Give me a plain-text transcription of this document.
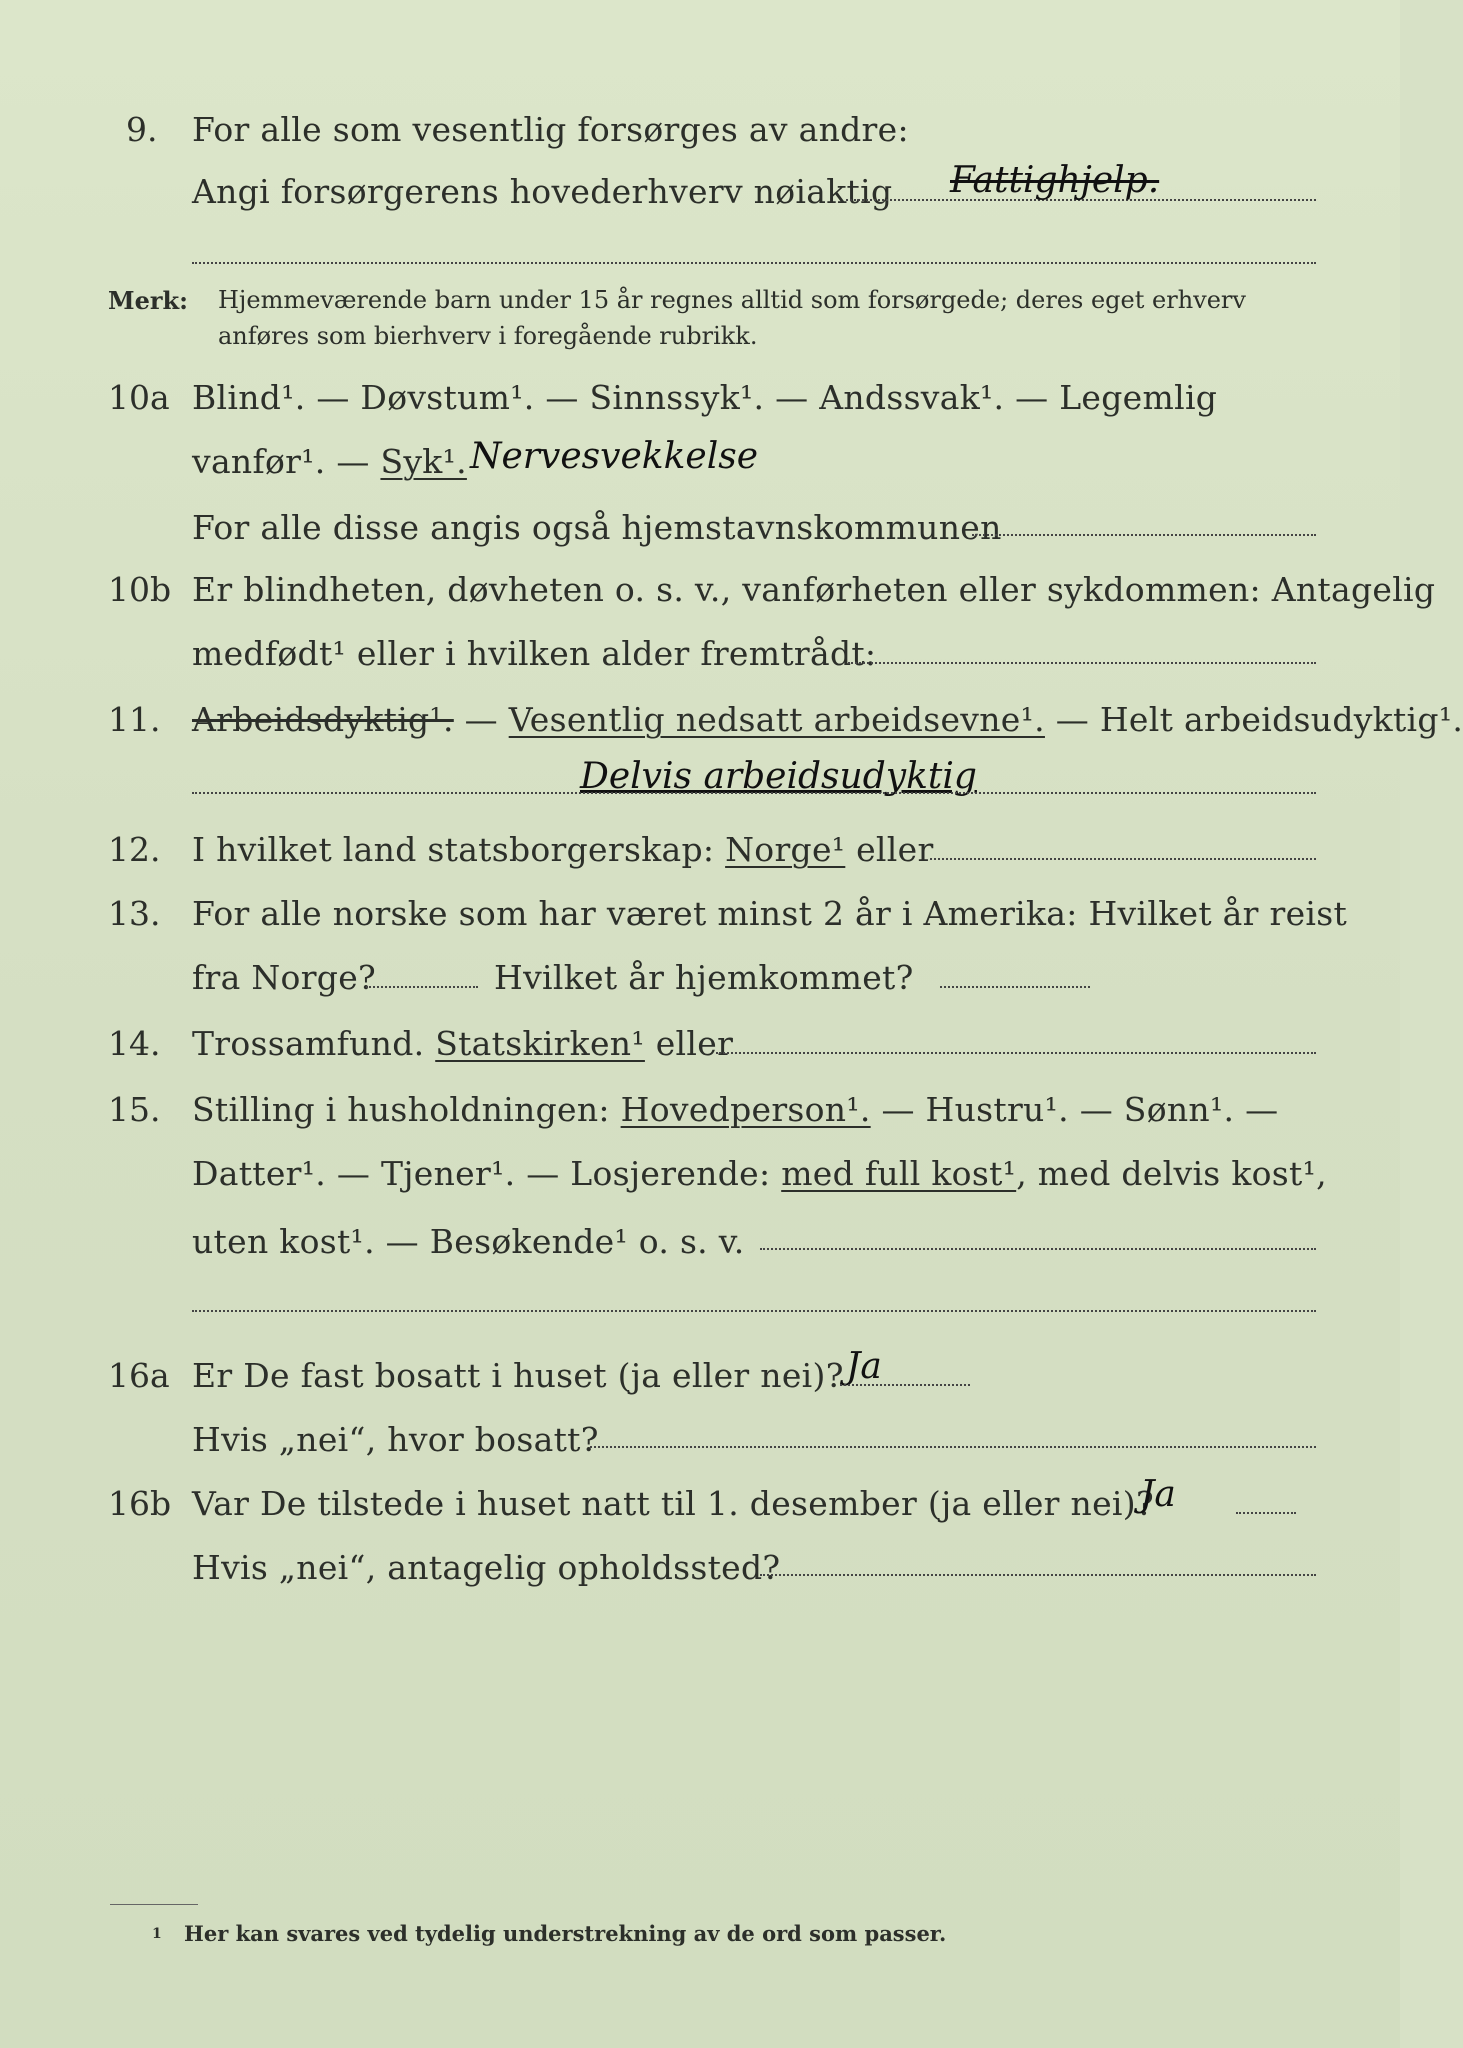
9. For alle som vesentlig forsørges av andre:
Angi forsørgerens hovederhverv nøiaktig Fattighjelp.
Merk: Hjemmeværende barn under 15 år regnes alltid som forsørgede; deres eget erhverv
anføres som bierhverv i foregående rubrikk.
10a Blind¹. — Døvstum¹. — Sinnssyk¹. — Andssvak¹. — Legemlig
vanfør¹. — Syk¹. Nervesvekkelse
For alle disse angis også hjemstavnskommunen
10b Er blindheten, døvheten o. s. v., vanførheten eller sykdommen: Antagelig
medfødt¹ eller i hvilken alder fremtrådt:
11. Arbeidsdyktig¹. — Vesentlig nedsatt arbeidsevne¹. — Helt arbeidsudyktig¹.
Delvis arbeidsudyktig
12. I hvilket land statsborgerskap: Norge¹ eller
13. For alle norske som har været minst 2 år i Amerika: Hvilket år reist
fra Norge?	Hvilket år hjemkommet?
14. Trossamfund. Statskirken¹ eller
15. Stilling i husholdningen: Hovedperson¹. — Hustru¹. — Sønn¹. —
Datter¹. — Tjener¹. — Losjerende: med full kost¹, med delvis kost¹,
uten kost¹. — Besøkende¹ o. s. v.
16a Er De fast bosatt i huset (ja eller nei)? Ja
Hvis „nei“, hvor bosatt?
16b Var De tilstede i huset natt til 1. desember (ja eller nei)?
Ja
Hvis „nei“, antagelig opholdssted?
1 Her kan svares ved tydelig understrekning av de ord som passer.
